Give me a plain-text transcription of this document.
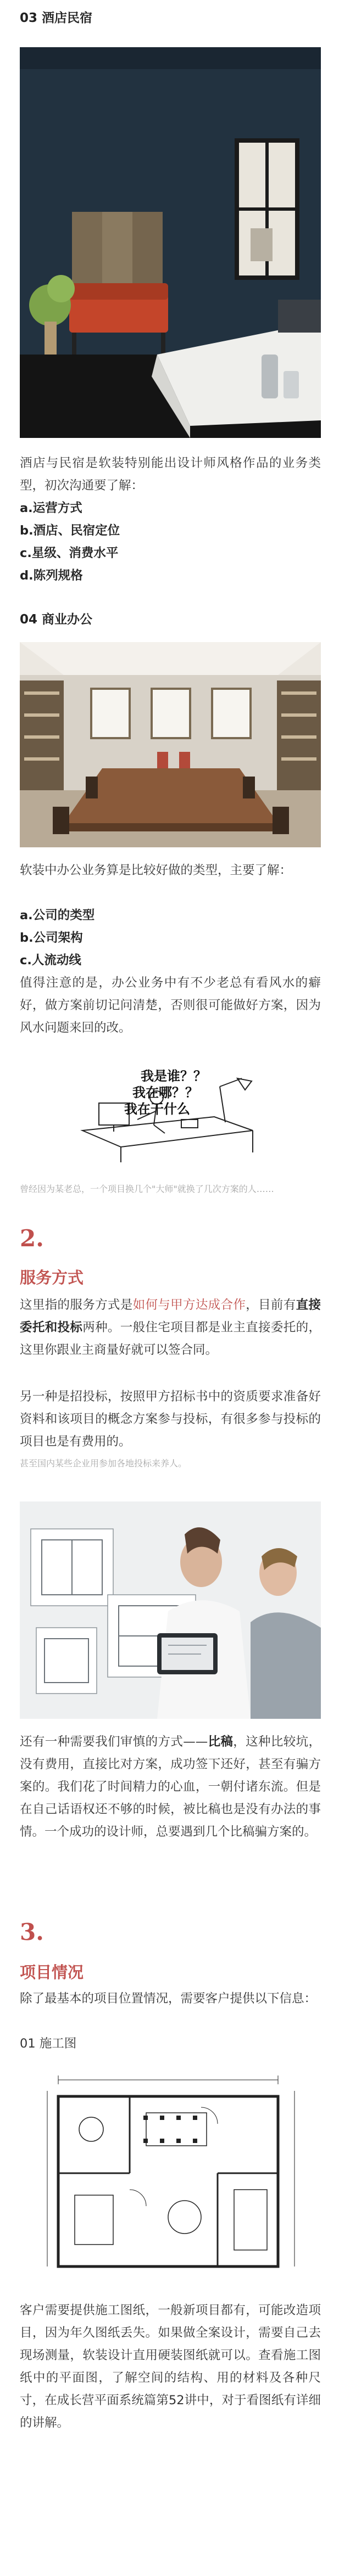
03 酒店民宿

酒店与民宿是软装特别能出设计师风格作品的业务类型，初次沟通要了解：

a.运营方式
b.酒店、民宿定位
c.星级、消费水平
d.陈列规格

04 商业办公

软装中办公业务算是比较好做的类型，主要了解：

a.公司的类型
b.公司架构
c.人流动线

值得注意的是，办公业务中有不少老总有看风水的癖好，做方案前切记问清楚，否则很可能做好方案，因为风水问题来回的改。

我是谁？？
我在哪？？
我在干什么

曾经因为某老总，一个项目换几个"大师"就换了几次方案的人……

2.

服务方式

这里指的服务方式是如何与甲方达成合作，目前有直接委托和投标两种。一般住宅项目都是业主直接委托的，这里你跟业主商量好就可以签合同。

另一种是招投标，按照甲方招标书中的资质要求准备好资料和该项目的概念方案参与投标，有很多参与投标的项目也是有费用的。

甚至国内某些企业用参加各地投标来养人。

还有一种需要我们审慎的方式——比稿，这种比较坑，没有费用，直接比对方案，成功签下还好，甚至有骗方案的。我们花了时间精力的心血，一朝付诸东流。但是在自己话语权还不够的时候，被比稿也是没有办法的事情。一个成功的设计师，总要遇到几个比稿骗方案的。

3.

项目情况

除了最基本的项目位置情况，需要客户提供以下信息：

01 施工图

客户需要提供施工图纸，一般新项目都有，可能改造项目，因为年久图纸丢失。如果做全案设计，需要自己去现场测量，软装设计直用硬装图纸就可以。查看施工图纸中的平面图，了解空间的结构、用的材料及各种尺寸，在成长营平面系统篇第52讲中，对于看图纸有详细的讲解。
